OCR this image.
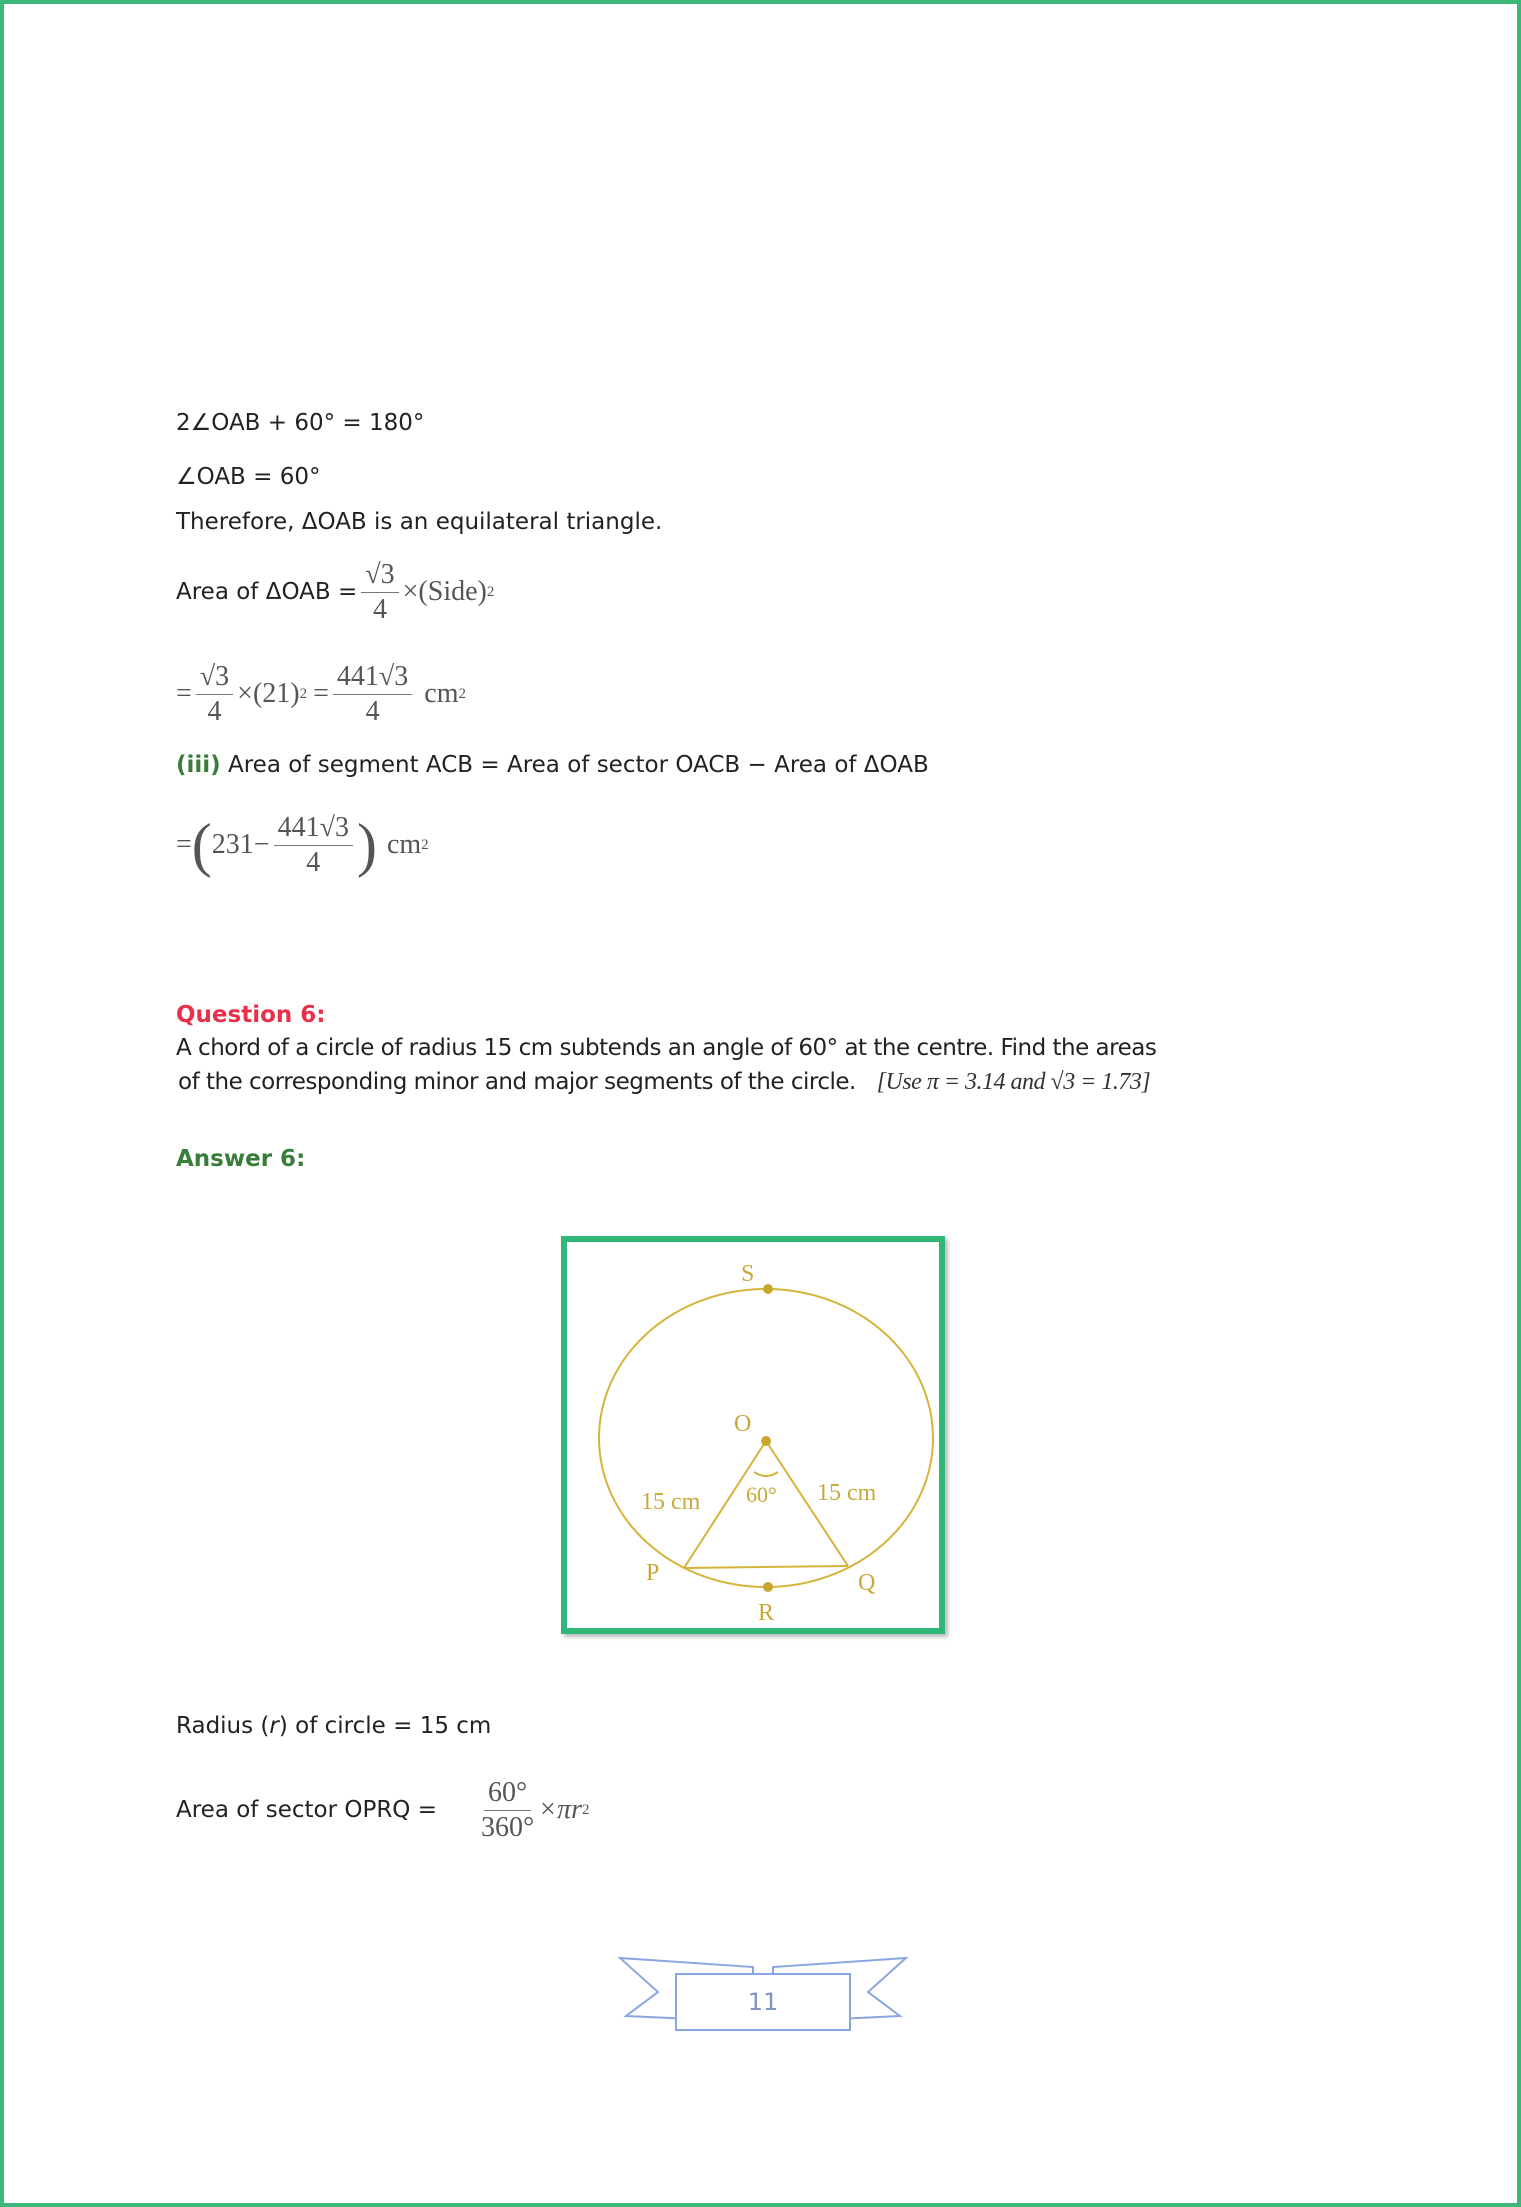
2∠OAB + 60° = 180°
∠OAB = 60°
Therefore, ΔOAB is an equilateral triangle.
Area of $\Delta OAB = \frac{√3}{4}$ ×(Side) 2
= $\frac{√3}{4} \times(21) 2 = \frac{441√3}{4}$ cm 2
(iii) Area of segment ACB = Area of sector OACB − Area of ΔOAB
= ( $231- \frac{441√3}{4}$ ) cm 2
Question 6:
A chord of a circle of radius 15 cm subtends an angle of 60° at the centre. Find the areas
of the corresponding minor and major segments of the circle. [Use π = 3.14 and √3 = 1.73]
Answer 6:
S
O
P	Q
R
15 cm 60° 15 cm
Radius (r) of circle = 15 cm
Area of sector OPRQ = $\frac{60^\circ}{360^\circ} \times\pi r$ 2
11
